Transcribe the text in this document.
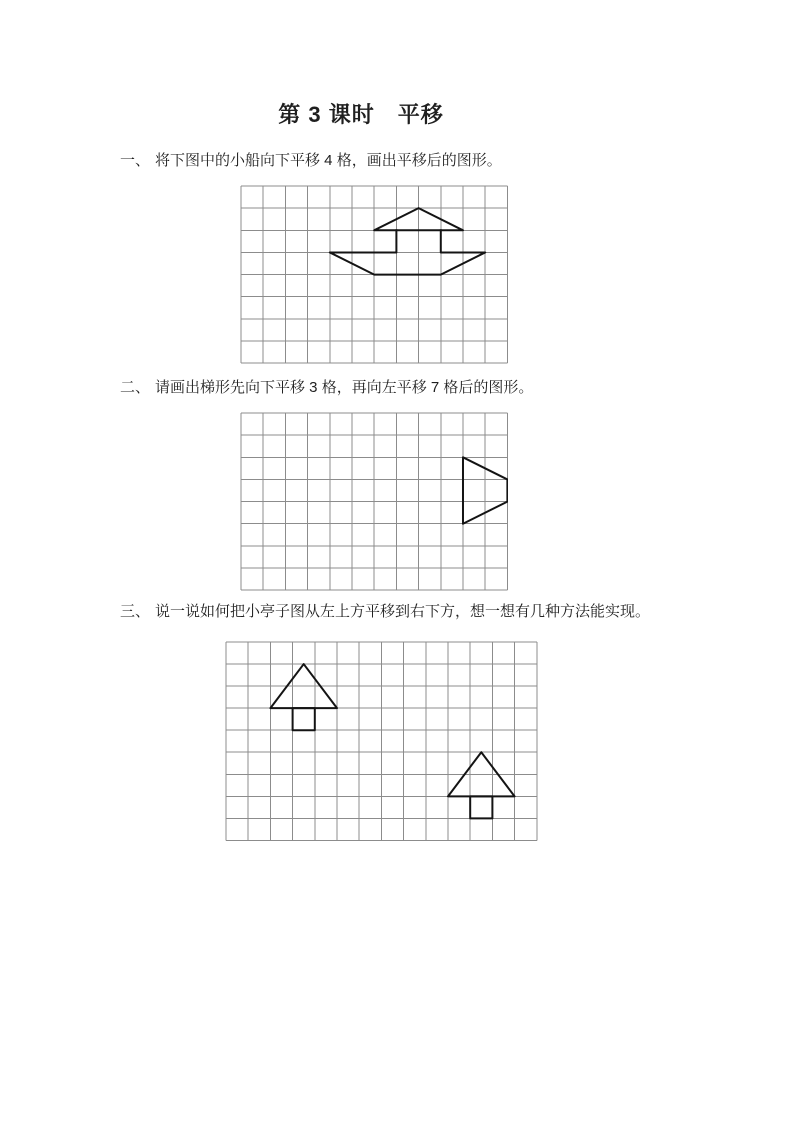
第 3 课时　平移
一、 将下图中的小船向下平移 4 格，画出平移后的图形。
二、 请画出梯形先向下平移 3 格，再向左平移 7 格后的图形。
三、 说一说如何把小亭子图从左上方平移到右下方，想一想有几种方法能实现。
